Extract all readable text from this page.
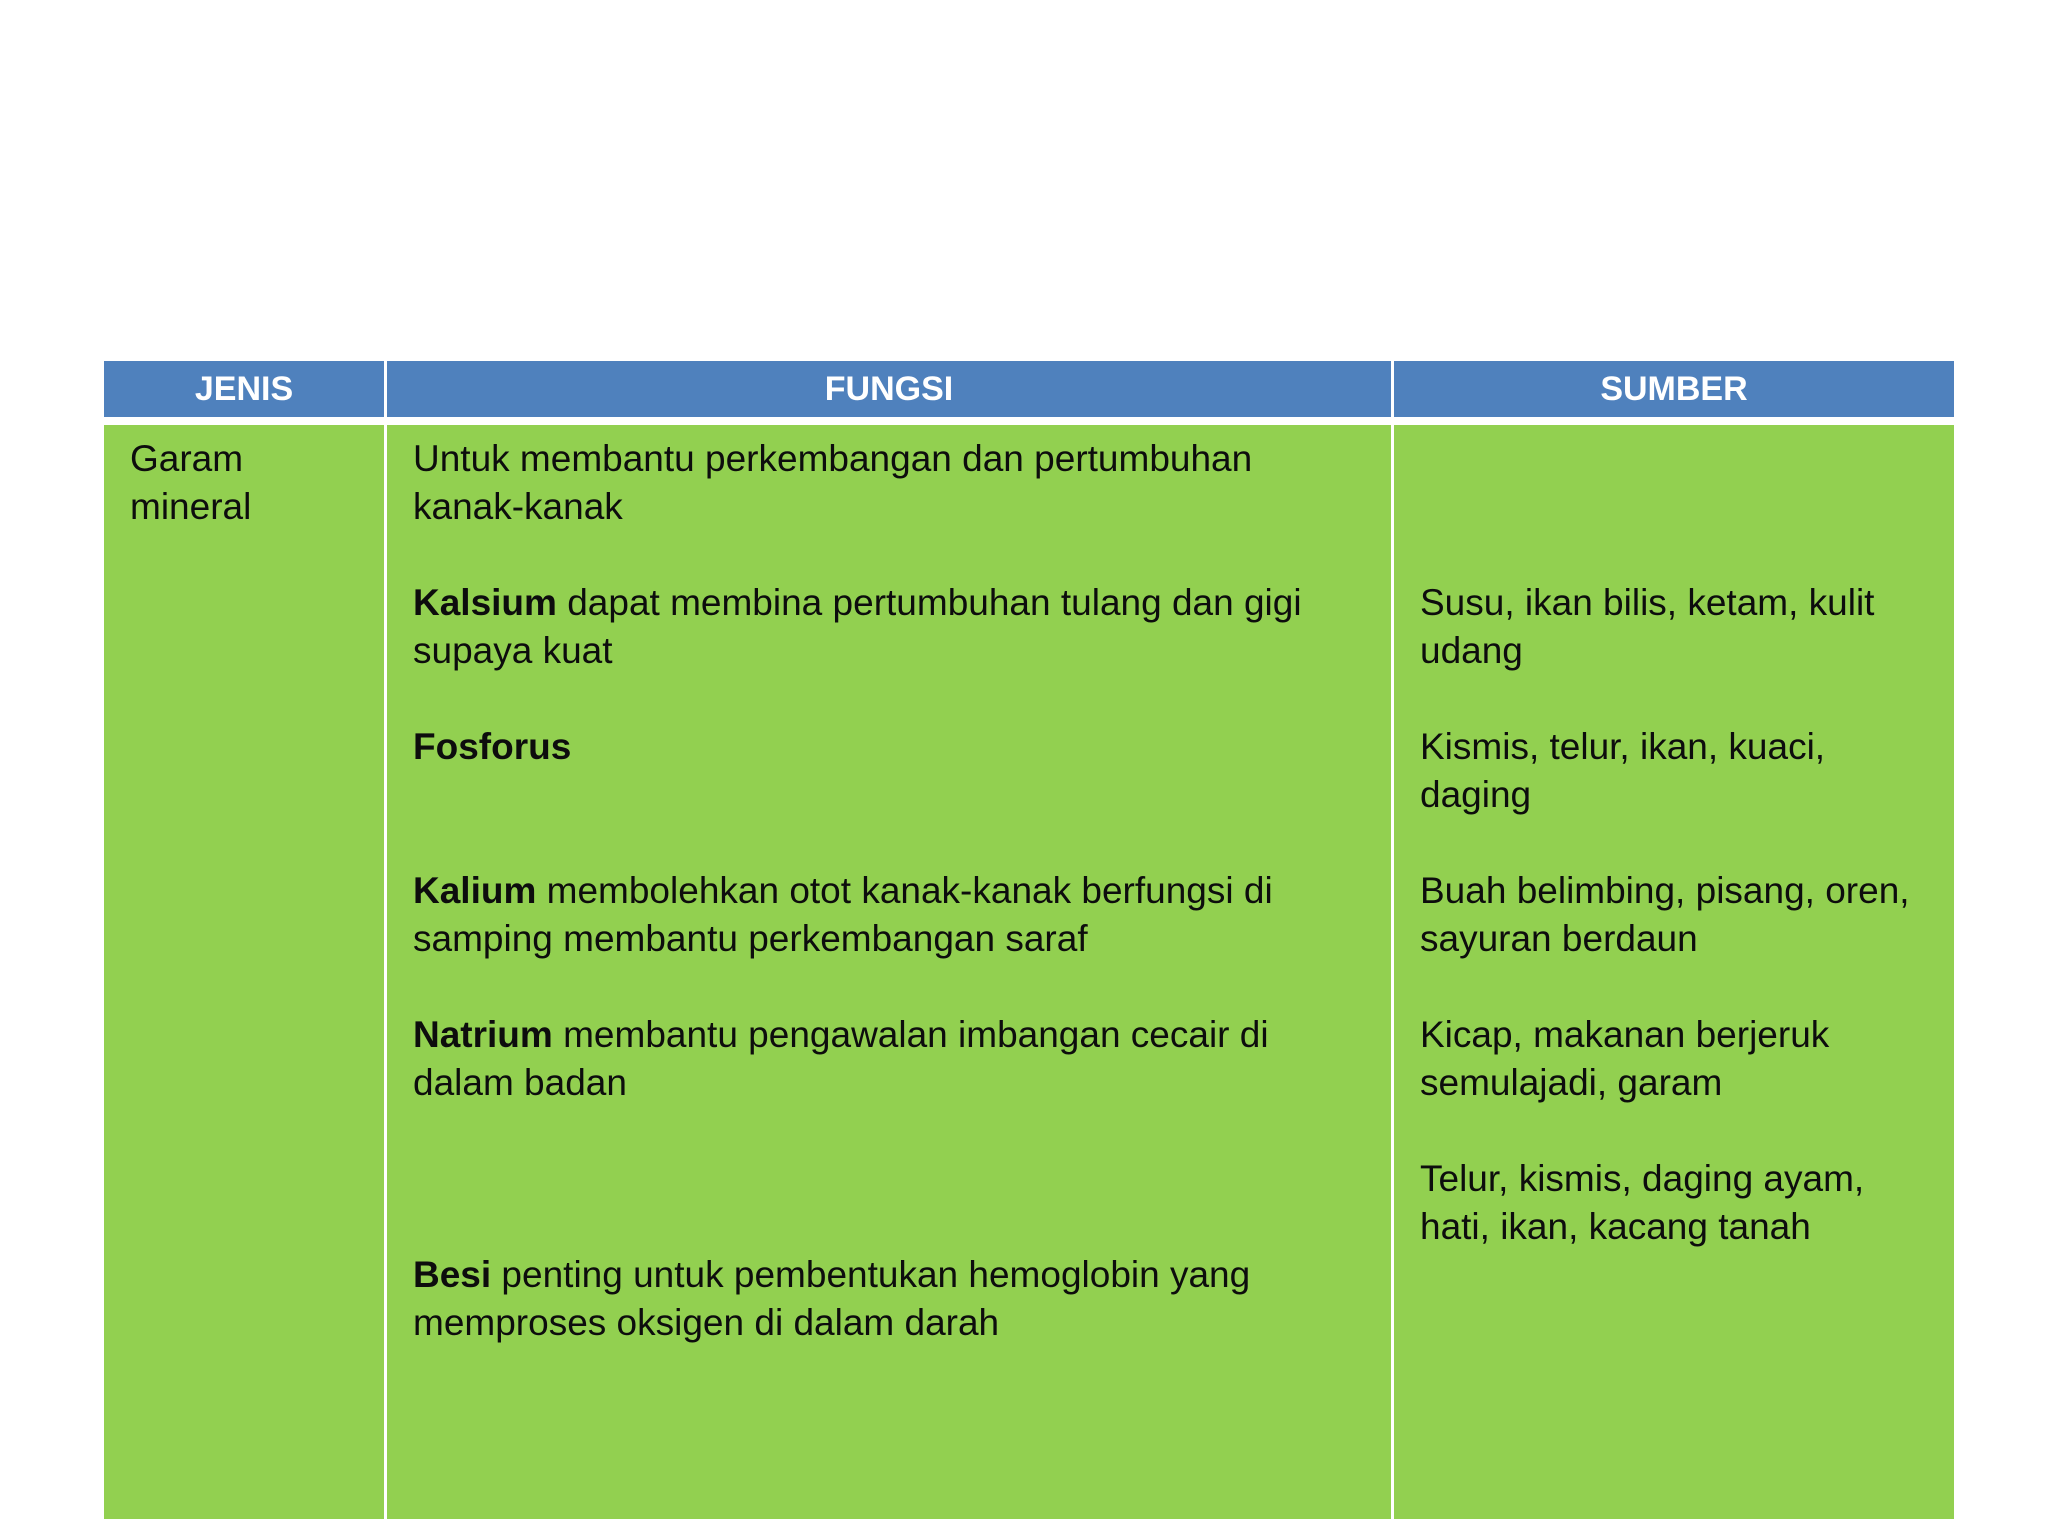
JENIS	FUNGSI	SUMBER
Garam mineral
Untuk membantu perkembangan dan pertumbuhan kanak-kanak
Kalsium dapat membina pertumbuhan tulang dan gigi supaya kuat
Fosforus
Kalium membolehkan otot kanak-kanak berfungsi di samping membantu perkembangan saraf
Natrium membantu pengawalan imbangan cecair di dalam badan
Besi penting untuk pembentukan hemoglobin yang memproses oksigen di dalam darah
Susu, ikan bilis, ketam, kulit udang
Kismis, telur, ikan, kuaci, daging
Buah belimbing, pisang, oren, sayuran berdaun
Kicap, makanan berjeruk semulajadi, garam
Telur, kismis, daging ayam, hati, ikan, kacang tanah
